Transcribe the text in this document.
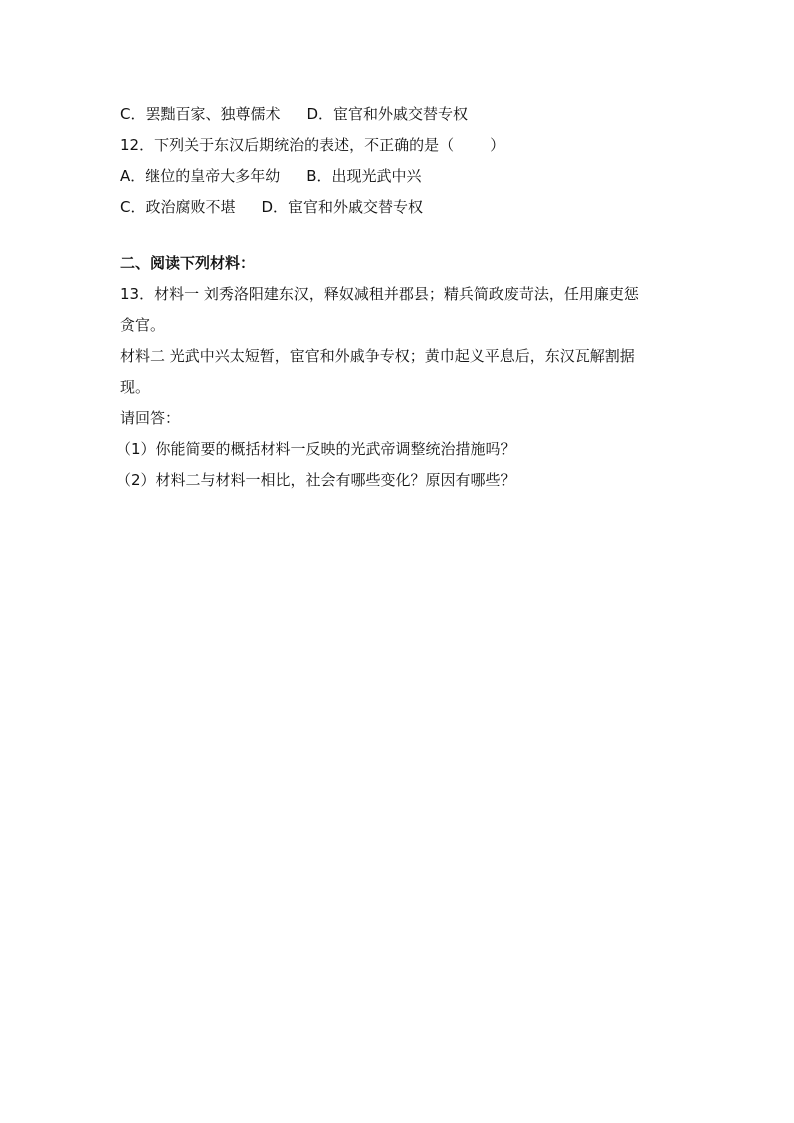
C．罢黜百家、独尊儒术 D．宦官和外戚交替专权
12．下列关于东汉后期统治的表述，不正确的是（ ）
A．继位的皇帝大多年幼 B．出现光武中兴
C．政治腐败不堪 D．宦官和外戚交替专权
二、阅读下列材料：
13．材料一 刘秀洛阳建东汉，释奴减租并郡县；精兵简政废苛法，任用廉吏惩
贪官。
材料二 光武中兴太短暂，宦官和外戚争专权；黄巾起义平息后，东汉瓦解割据
现。
请回答：
（1）你能简要的概括材料一反映的光武帝调整统治措施吗？
（2）材料二与材料一相比，社会有哪些变化？原因有哪些？
